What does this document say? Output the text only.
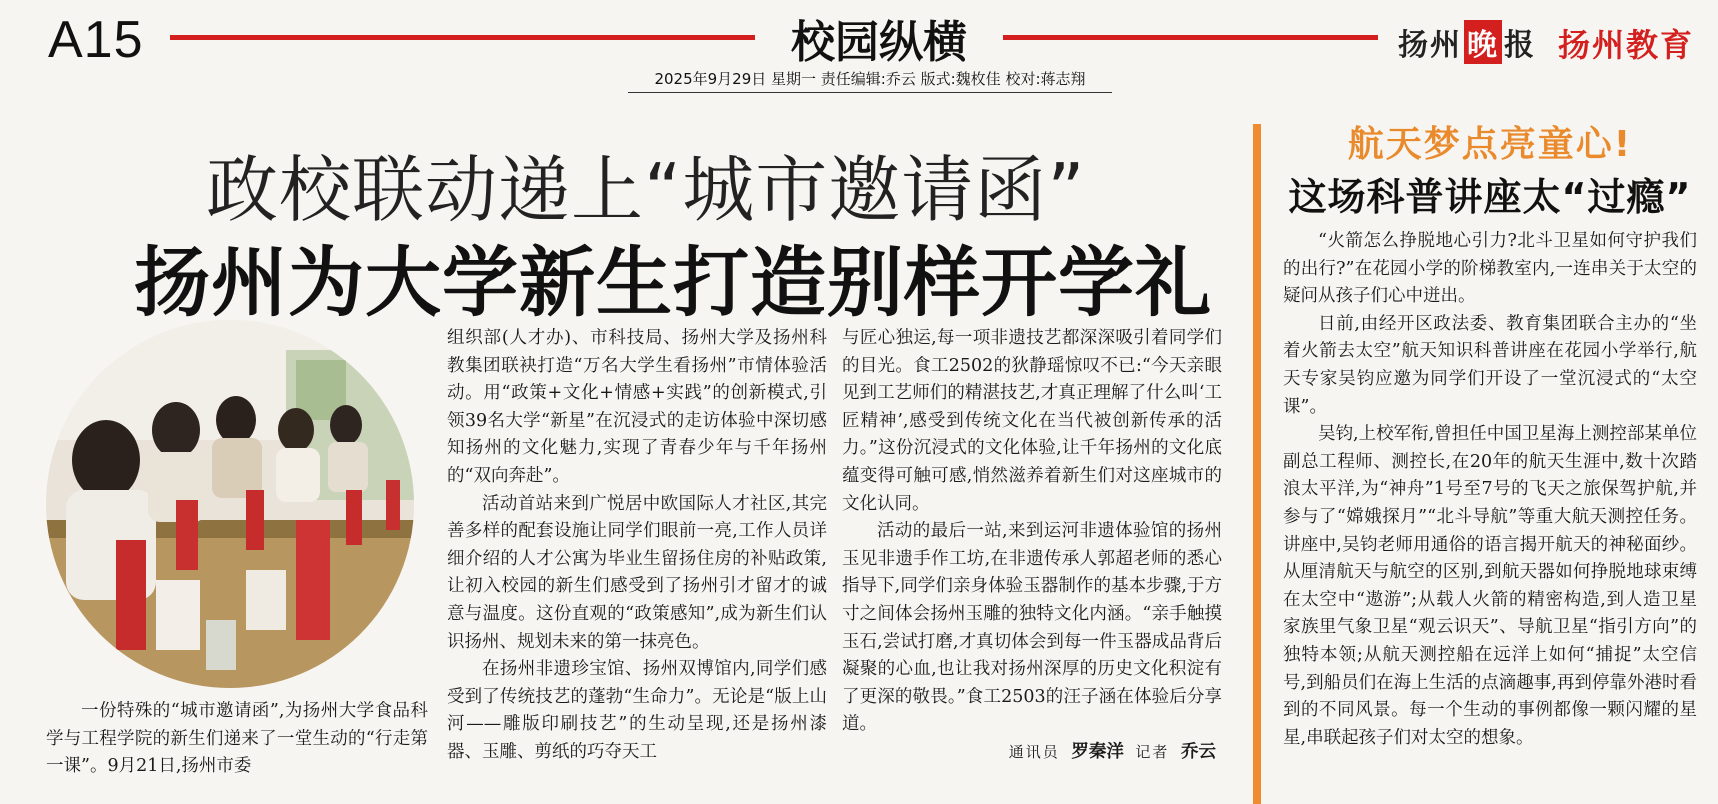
A15	校园纵横
2025年9月29日 星期一 责任编辑:乔云 版式:魏枚佳 校对:蒋志翔
扬州 晚 报 扬州教育
政校联动递上“城市邀请函”
扬州为大学新生打造别样开学礼

一份特殊的“城市邀请函”,为扬州大学食品科学与工程学院的新生们递来了一堂生动的“行走第一课”。9月21日,扬州市委

组织部(人才办)、市科技局、扬州大学及扬州科教集团联袂打造“万名大学生看扬州”市情体验活动。用“政策+文化+情感+实践”的创新模式,引领39名大学“新星”在沉浸式的走访体验中深切感知扬州的文化魅力,实现了青春少年与千年扬州的“双向奔赴”。

活动首站来到广悦居中欧国际人才社区,其完善多样的配套设施让同学们眼前一亮,工作人员详细介绍的人才公寓为毕业生留扬住房的补贴政策,让初入校园的新生们感受到了扬州引才留才的诚意与温度。这份直观的“政策感知”,成为新生们认识扬州、规划未来的第一抹亮色。

在扬州非遗珍宝馆、扬州双博馆内,同学们感受到了传统技艺的蓬勃“生命力”。无论是“版上山河——雕版印刷技艺”的生动呈现,还是扬州漆器、玉雕、剪纸的巧夺天工

与匠心独运,每一项非遗技艺都深深吸引着同学们的目光。食工2502的狄静瑶惊叹不已:“今天亲眼见到工艺师们的精湛技艺,才真正理解了什么叫‘工匠精神’,感受到传统文化在当代被创新传承的活力。”这份沉浸式的文化体验,让千年扬州的文化底蕴变得可触可感,悄然滋养着新生们对这座城市的文化认同。

活动的最后一站,来到运河非遗体验馆的扬州玉见非遗手作工坊,在非遗传承人郭超老师的悉心指导下,同学们亲身体验玉器制作的基本步骤,于方寸之间体会扬州玉雕的独特文化内涵。“亲手触摸玉石,尝试打磨,才真切体会到每一件玉器成品背后凝聚的心血,也让我对扬州深厚的历史文化积淀有了更深的敬畏。”食工2503的汪子涵在体验后分享道。

通讯员 罗秦洋 记者 乔云
航天梦点亮童心!
这场科普讲座太“过瘾”

“火箭怎么挣脱地心引力?北斗卫星如何守护我们的出行?”在花园小学的阶梯教室内,一连串关于太空的疑问从孩子们心中迸出。

日前,由经开区政法委、教育集团联合主办的“坐着火箭去太空”航天知识科普讲座在花园小学举行,航天专家吴钧应邀为同学们开设了一堂沉浸式的“太空课”。

吴钧,上校军衔,曾担任中国卫星海上测控部某单位副总工程师、测控长,在20年的航天生涯中,数十次踏浪太平洋,为“神舟”1号至7号的飞天之旅保驾护航,并参与了“嫦娥探月”“北斗导航”等重大航天测控任务。讲座中,吴钧老师用通俗的语言揭开航天的神秘面纱。从厘清航天与航空的区别,到航天器如何挣脱地球束缚在太空中“遨游”;从载人火箭的精密构造,到人造卫星家族里气象卫星“观云识天”、导航卫星“指引方向”的独特本领;从航天测控船在远洋上如何“捕捉”太空信号,到船员们在海上生活的点滴趣事,再到停靠外港时看到的不同风景。每一个生动的事例都像一颗闪耀的星星,串联起孩子们对太空的想象。
